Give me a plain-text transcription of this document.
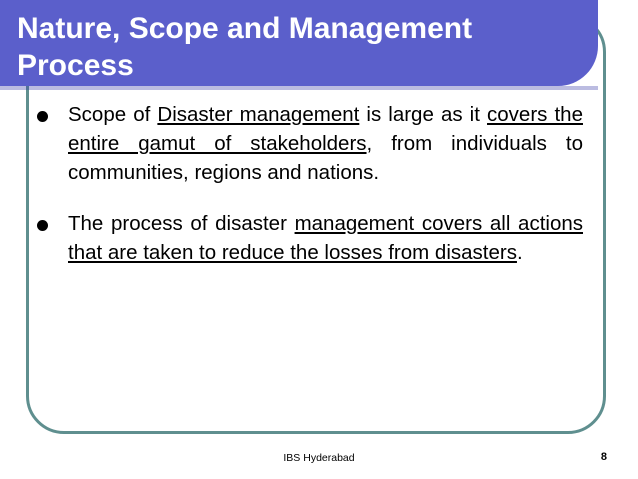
Nature, Scope and Management Process

Scope of Disaster management is large as it covers the entire gamut of stakeholders, from individuals to communities, regions and nations.

The process of disaster management covers all actions that are taken to reduce the losses from disasters.

IBS Hyderabad	8
